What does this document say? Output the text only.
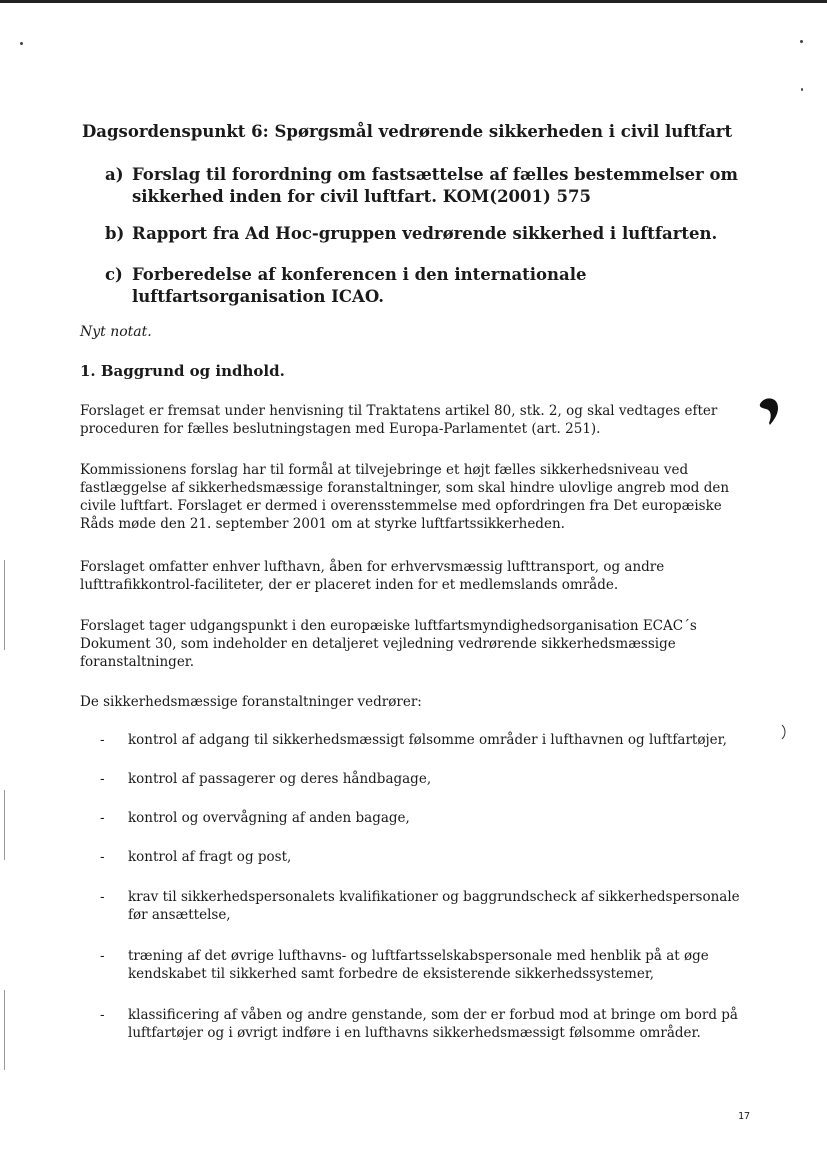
Dagsordenspunkt 6: Spørgsmål vedrørende sikkerheden i civil luftfart
a) Forslag til forordning om fastsættelse af fælles bestemmelser om sikkerhed inden for civil luftfart. KOM(2001) 575
b) Rapport fra Ad Hoc-gruppen vedrørende sikkerhed i luftfarten.
c) Forberedelse af konferencen i den internationale luftfartsorganisation ICAO.

Nyt notat.

1. Baggrund og indhold.

Forslaget er fremsat under henvisning til Traktatens artikel 80, stk. 2, og skal vedtages efter proceduren for fælles beslutningstagen med Europa-Parlamentet (art. 251).

Kommissionens forslag har til formål at tilvejebringe et højt fælles sikkerhedsniveau ved fastlæggelse af sikkerhedsmæssige foranstaltninger, som skal hindre ulovlige angreb mod den civile luftfart. Forslaget er dermed i overensstemmelse med opfordringen fra Det europæiske Råds møde den 21. september 2001 om at styrke luftfartssikkerheden.

Forslaget omfatter enhver lufthavn, åben for erhvervsmæssig lufttransport, og andre lufttrafikkontrol-faciliteter, der er placeret inden for et medlemslands område.

Forslaget tager udgangspunkt i den europæiske luftfartsmyndighedsorganisation ECAC´s Dokument 30, som indeholder en detaljeret vejledning vedrørende sikkerhedsmæssige foranstaltninger.

De sikkerhedsmæssige foranstaltninger vedrører:

-	kontrol af adgang til sikkerhedsmæssigt følsomme områder i lufthavnen og luftfartøjer,
-	kontrol af passagerer og deres håndbagage,
-	kontrol og overvågning af anden bagage,
-	kontrol af fragt og post,
-	krav til sikkerhedspersonalets kvalifikationer og baggrundscheck af sikkerhedspersonale før ansættelse,
-	træning af det øvrige lufthavns- og luftfartsselskabspersonale med henblik på at øge kendskabet til sikkerhed samt forbedre de eksisterende sikkerhedssystemer,
-	klassificering af våben og andre genstande, som der er forbud mod at bringe om bord på luftfartøjer og i øvrigt indføre i en lufthavns sikkerhedsmæssigt følsomme områder.
17
